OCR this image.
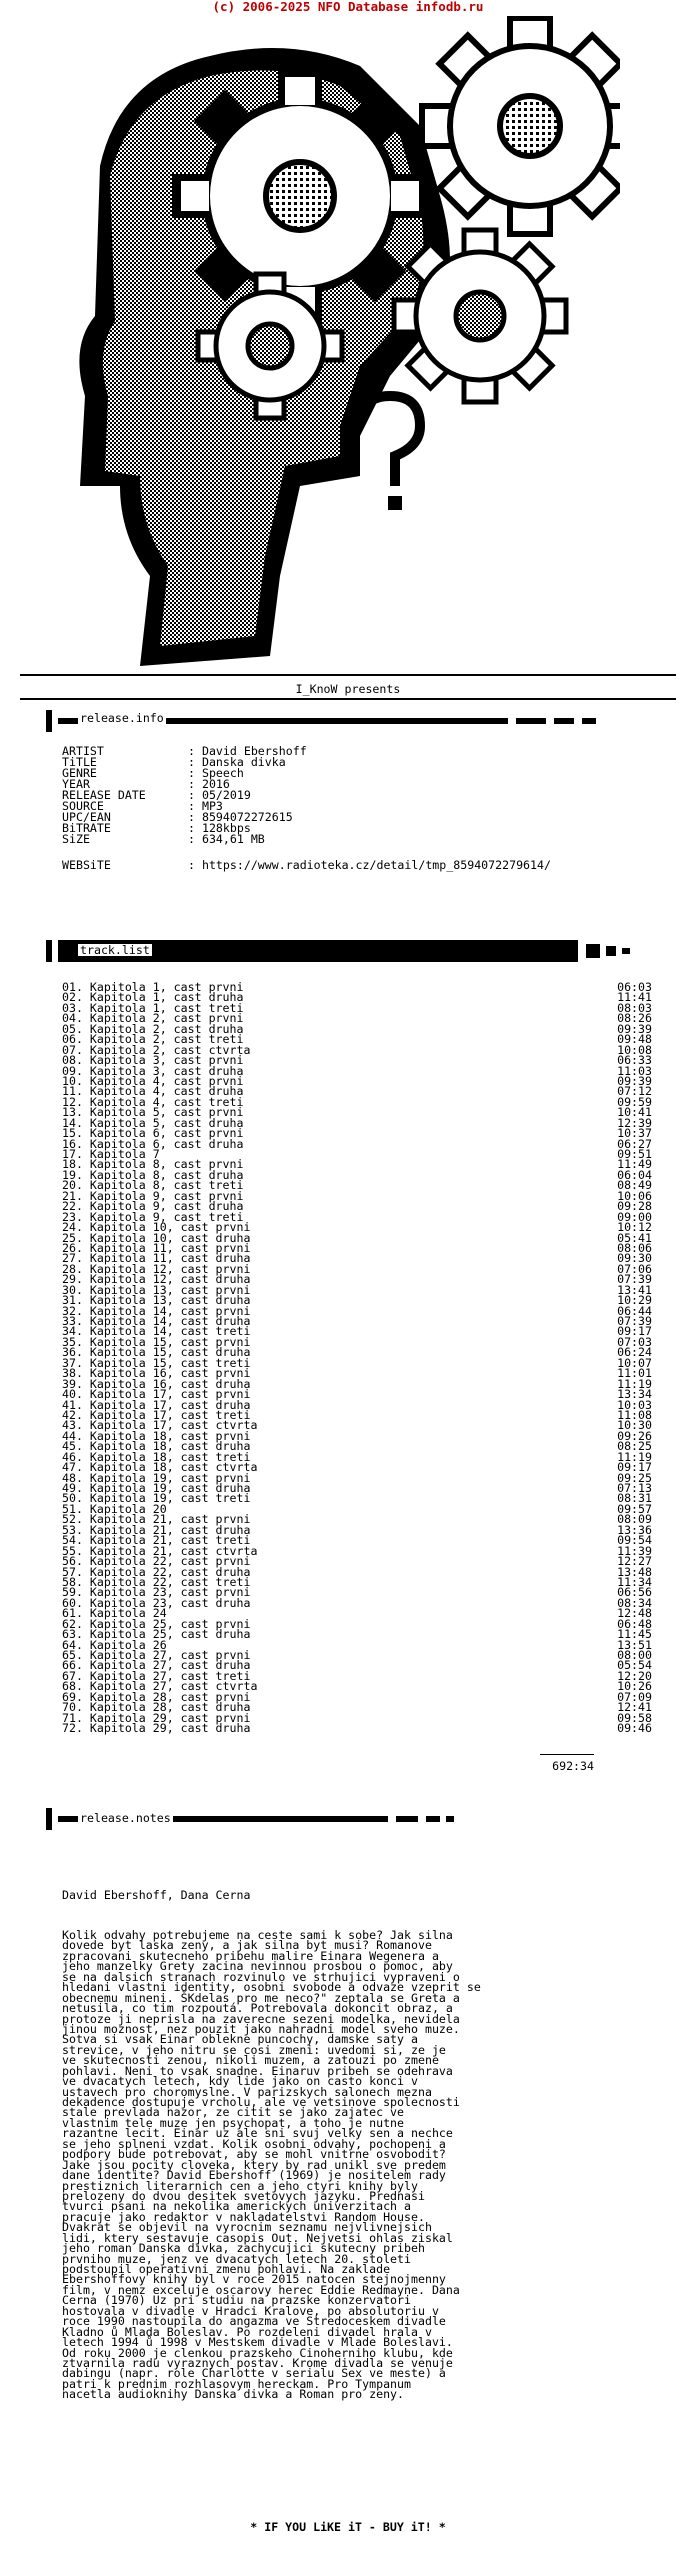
(c) 2006-2025 NFO Database infodb.ru
I_KnoW presents
release.info
ARTIST	: David Ebershoff
TiTLE	: Danska divka
GENRE	: Speech
YEAR	: 2016
RELEASE DATE	: 05/2019
SOURCE	: MP3
UPC/EAN	: 8594072272615
BiTRATE	: 128kbps
SiZE	: 634,61 MB
WEBSiTE	: https://www.radioteka.cz/detail/tmp_8594072279614/
track.list
01. Kapitola 1, cast prvni	06:03
02. Kapitola 1, cast druha	11:41
03. Kapitola 1, cast treti	08:03
04. Kapitola 2, cast prvni	08:26
05. Kapitola 2, cast druha	09:39
06. Kapitola 2, cast treti	09:48
07. Kapitola 2, cast ctvrta	10:08
08. Kapitola 3, cast prvni	06:33
09. Kapitola 3, cast druha	11:03
10. Kapitola 4, cast prvni	09:39
11. Kapitola 4, cast druha	07:12
12. Kapitola 4, cast treti	09:59
13. Kapitola 5, cast prvni	10:41
14. Kapitola 5, cast druha	12:39
15. Kapitola 6, cast prvni	10:37
16. Kapitola 6, cast druha	06:27
17. Kapitola 7	09:51
18. Kapitola 8, cast prvni	11:49
19. Kapitola 8, cast druha	06:04
20. Kapitola 8, cast treti	08:49
21. Kapitola 9, cast prvni	10:06
22. Kapitola 9, cast druha	09:28
23. Kapitola 9, cast treti	09:00
24. Kapitola 10, cast prvni	10:12
25. Kapitola 10, cast druha	05:41
26. Kapitola 11, cast prvni	08:06
27. Kapitola 11, cast druha	09:30
28. Kapitola 12, cast prvni	07:06
29. Kapitola 12, cast druha	07:39
30. Kapitola 13, cast prvni	13:41
31. Kapitola 13, cast druha	10:29
32. Kapitola 14, cast prvni	06:44
33. Kapitola 14, cast druha	07:39
34. Kapitola 14, cast treti	09:17
35. Kapitola 15, cast prvni	07:03
36. Kapitola 15, cast druha	06:24
37. Kapitola 15, cast treti	10:07
38. Kapitola 16, cast prvni	11:01
39. Kapitola 16, cast druha	11:19
40. Kapitola 17, cast prvni	13:34
41. Kapitola 17, cast druha	10:03
42. Kapitola 17, cast treti	11:08
43. Kapitola 17, cast ctvrta	10:30
44. Kapitola 18, cast prvni	09:26
45. Kapitola 18, cast druha	08:25
46. Kapitola 18, cast treti	11:19
47. Kapitola 18, cast ctvrta	09:17
48. Kapitola 19, cast prvni	09:25
49. Kapitola 19, cast druha	07:13
50. Kapitola 19, cast treti	08:31
51. Kapitola 20	09:57
52. Kapitola 21, cast prvni	08:09
53. Kapitola 21, cast druha	13:36
54. Kapitola 21, cast treti	09:54
55. Kapitola 21, cast ctvrta	11:39
56. Kapitola 22, cast prvni	12:27
57. Kapitola 22, cast druha	13:48
58. Kapitola 22, cast treti	11:34
59. Kapitola 23, cast prvni	06:56
60. Kapitola 23, cast druha	08:34
61. Kapitola 24	12:48
62. Kapitola 25, cast prvni	06:48
63. Kapitola 25, cast druha	11:45
64. Kapitola 26	13:51
65. Kapitola 27, cast prvni	08:00
66. Kapitola 27, cast druha	05:54
67. Kapitola 27, cast treti	12:20
68. Kapitola 27, cast ctvrta	10:26
69. Kapitola 28, cast prvni	07:09
70. Kapitola 28, cast druha	12:41
71. Kapitola 29, cast prvni	09:58
72. Kapitola 29, cast druha	09:46
692:34
release.notes
David Ebershoff, Dana Cerna
Kolik odvahy potrebujeme na ceste sami k sobe? Jak silna
dovede byt laska zeny, a jak silna byt musi? Romanove
zpracovani skutecneho pribehu malire Einara Wegenera a
jeho manzelky Grety zacina nevinnou prosbou o pomoc, aby
se na dalsich stranach rozvinulo ve strhujici vypraveni o
hledani vlastni identity, osobni svobode a odvaze vzeprit se
obecnemu mineni. ŠKdelas pro me neco?" zeptala se Greta a
netusila, co tim rozpoutá. Potrebovala dokoncit obraz, a
protoze ji neprisla na zaverecne sezeni modelka, nevidela
jinou moznost, nez pouzit jako nahradni model sveho muze.
Sotva si vsak Einar oblekne puncochy, damske saty a
strevice, v jeho nitru se cosi zmeni: uvedomi si, ze je
ve skutecnosti zenou, nikoli muzem, a zatouzi po zmene
pohlavi. Neni to vsak snadne. Einaruv pribeh se odehrava
ve dvacatych letech, kdy lide jako on casto konci v
ustavech pro choromyslne. V parizskych salonech mezna
dekadence dostupuje vrcholu, ale ve vetsinove spolecnosti
stale prevlada nazor, ze citit se jako zajatec ve
vlastnim tele muze jen psychopat, a toho je nutne
razantne lecit. Einar uz ale sni svuj velky sen a nechce
se jeho splneni vzdat. Kolik osobni odvahy, pochopeni a
podpory bude potrebovat, aby se mohl vnitrne osvobodit?
Jake jsou pocity cloveka, ktery by rad unikl sve predem
dane identite? David Ebershoff (1969) je nositelem rady
prestiznich literarnich cen a jeho ctyri knihy byly
prelozeny do dvou desitek svetovych jazyku. Prednasi
tvurci psani na nekolika americkych univerzitach a
pracuje jako redaktor v nakladatelstvi Random House.
Dvakrat se objevil na vyrocnim seznamu nejvlivnejsich
lidi, ktery sestavuje casopis Out. Nejvetsi ohlas ziskal
jeho roman Danska divka, zachycujici skutecny pribeh
prvniho muze, jenz ve dvacatych letech 20. stoleti
podstoupil operativni zmenu pohlavi. Na zaklade
Ebershoffovy knihy byl v roce 2015 natocen stejnojmenny
film, v nemz exceluje oscarovy herec Eddie Redmayne. Dana
Cerna (1970) Uz pri studiu na prazske konzervatori
hostovala v divadle v Hradci Kralove, po absolutoriu v
roce 1990 nastoupila do angazma ve Stredoceskem divadle
Kladno ů Mlada Boleslav. Po rozdeleni divadel hrala v
letech 1994 ů 1998 v Mestskem divadle v Mlade Boleslavi.
Od roku 2000 je clenkou prazskeho Cinoherniho klubu, kde
ztvarnila radu vyraznych postav. Krome divadla se venuje
dabingu (napr. role Charlotte v serialu Sex ve meste) a
patri k prednim rozhlasovym hereckam. Pro Tympanum
nacetla audioknihy Danska divka a Roman pro zeny.
* IF YOU LiKE iT - BUY iT! *
